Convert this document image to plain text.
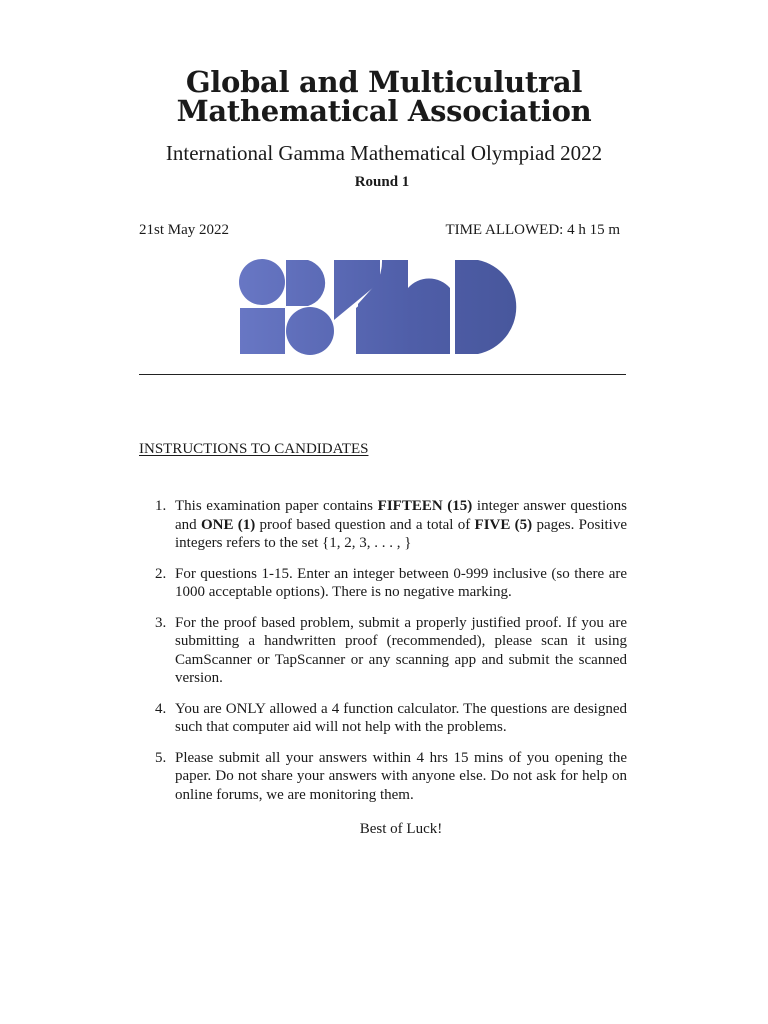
Global and Multiculutral
Mathematical Association

International Gamma Mathematical Olympiad 2022

Round 1

21st May 2022	TIME ALLOWED: 4 h 15 m
INSTRUCTIONS TO CANDIDATES
1. This examination paper contains FIFTEEN (15) integer answer questions and ONE (1) proof based question and a total of FIVE (5) pages. Positive integers refers to the set {1, 2, 3, . . . , }
2. For questions 1-15. Enter an integer between 0-999 inclusive (so there are 1000 acceptable options). There is no negative marking.
3. For the proof based problem, submit a properly justified proof. If you are submitting a handwritten proof (recommended), please scan it using CamScanner or TapScanner or any scanning app and submit the scanned version.
4. You are ONLY allowed a 4 function calculator. The questions are designed such that computer aid will not help with the problems.
5. Please submit all your answers within 4 hrs 15 mins of you opening the paper. Do not share your answers with anyone else. Do not ask for help on online forums, we are monitoring them.
Best of Luck!
